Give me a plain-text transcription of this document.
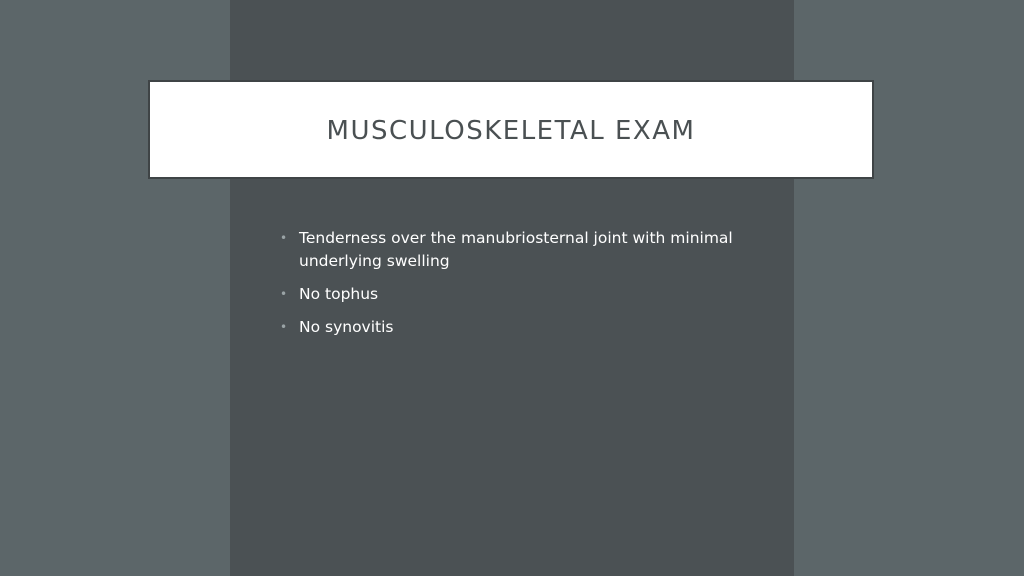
MUSCULOSKELETAL EXAM
• Tenderness over the manubriosternal joint with minimal underlying swelling
• No tophus
• No synovitis
